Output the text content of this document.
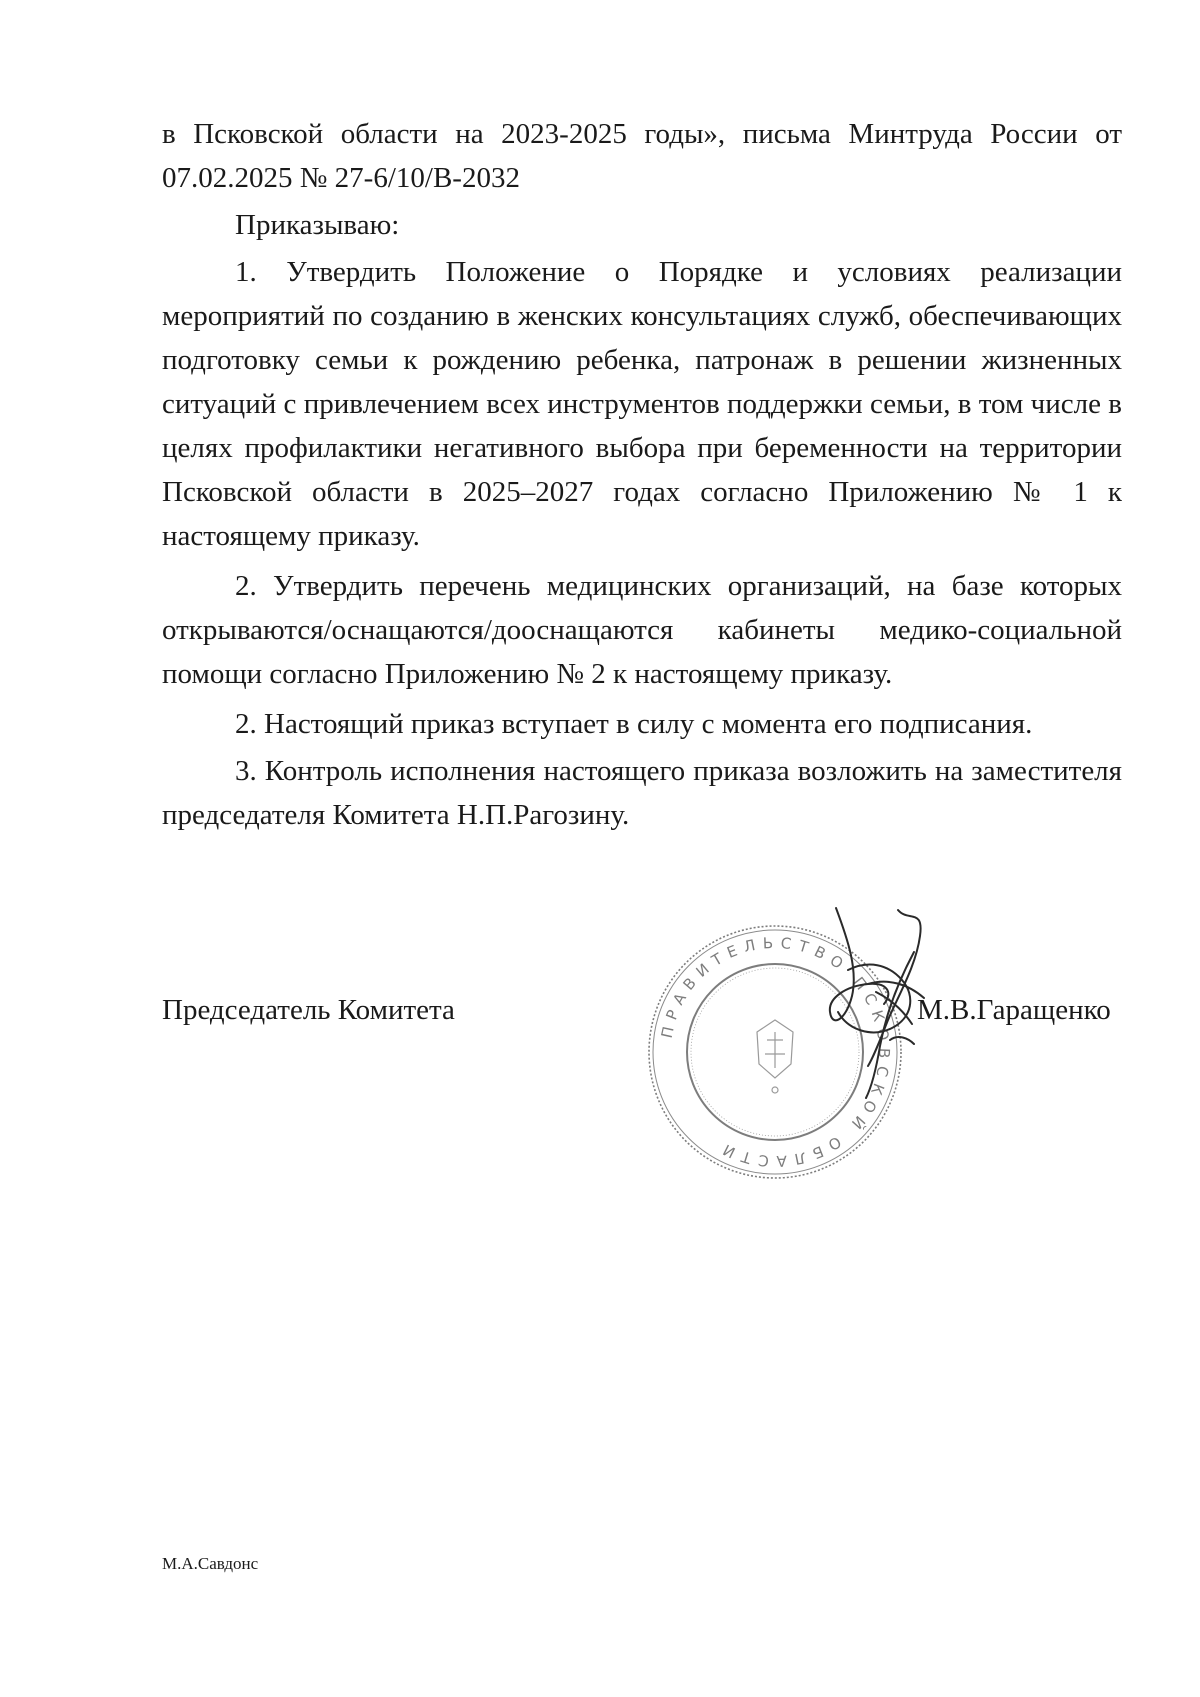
в Псковской области на 2023-2025 годы», письма Минтруда России от 07.02.2025 № 27-6/10/В-2032

Приказываю:

1. Утвердить Положение о Порядке и условиях реализации мероприятий по созданию в женских консультациях служб, обеспечивающих подготовку семьи к рождению ребенка, патронаж в решении жизненных ситуаций с привлечением всех инструментов поддержки семьи, в том числе в целях профилактики негативного выбора при беременности на территории Псковской области в 2025–2027 годах согласно Приложению № 1 к настоящему приказу.

2. Утвердить перечень медицинских организаций, на базе которых открываются/оснащаются/дооснащаются кабинеты медико-социальной помощи согласно Приложению № 2 к настоящему приказу.

2. Настоящий приказ вступает в силу с момента его подписания.

3. Контроль исполнения настоящего приказа возложить на заместителя председателя Комитета Н.П.Рагозину.

ПРАВИТЕЛЬСТВО ПСКОВСКОЙ ОБЛАСТИ
Председатель Комитета	М.В.Гаращенко
М.А.Савдонс
